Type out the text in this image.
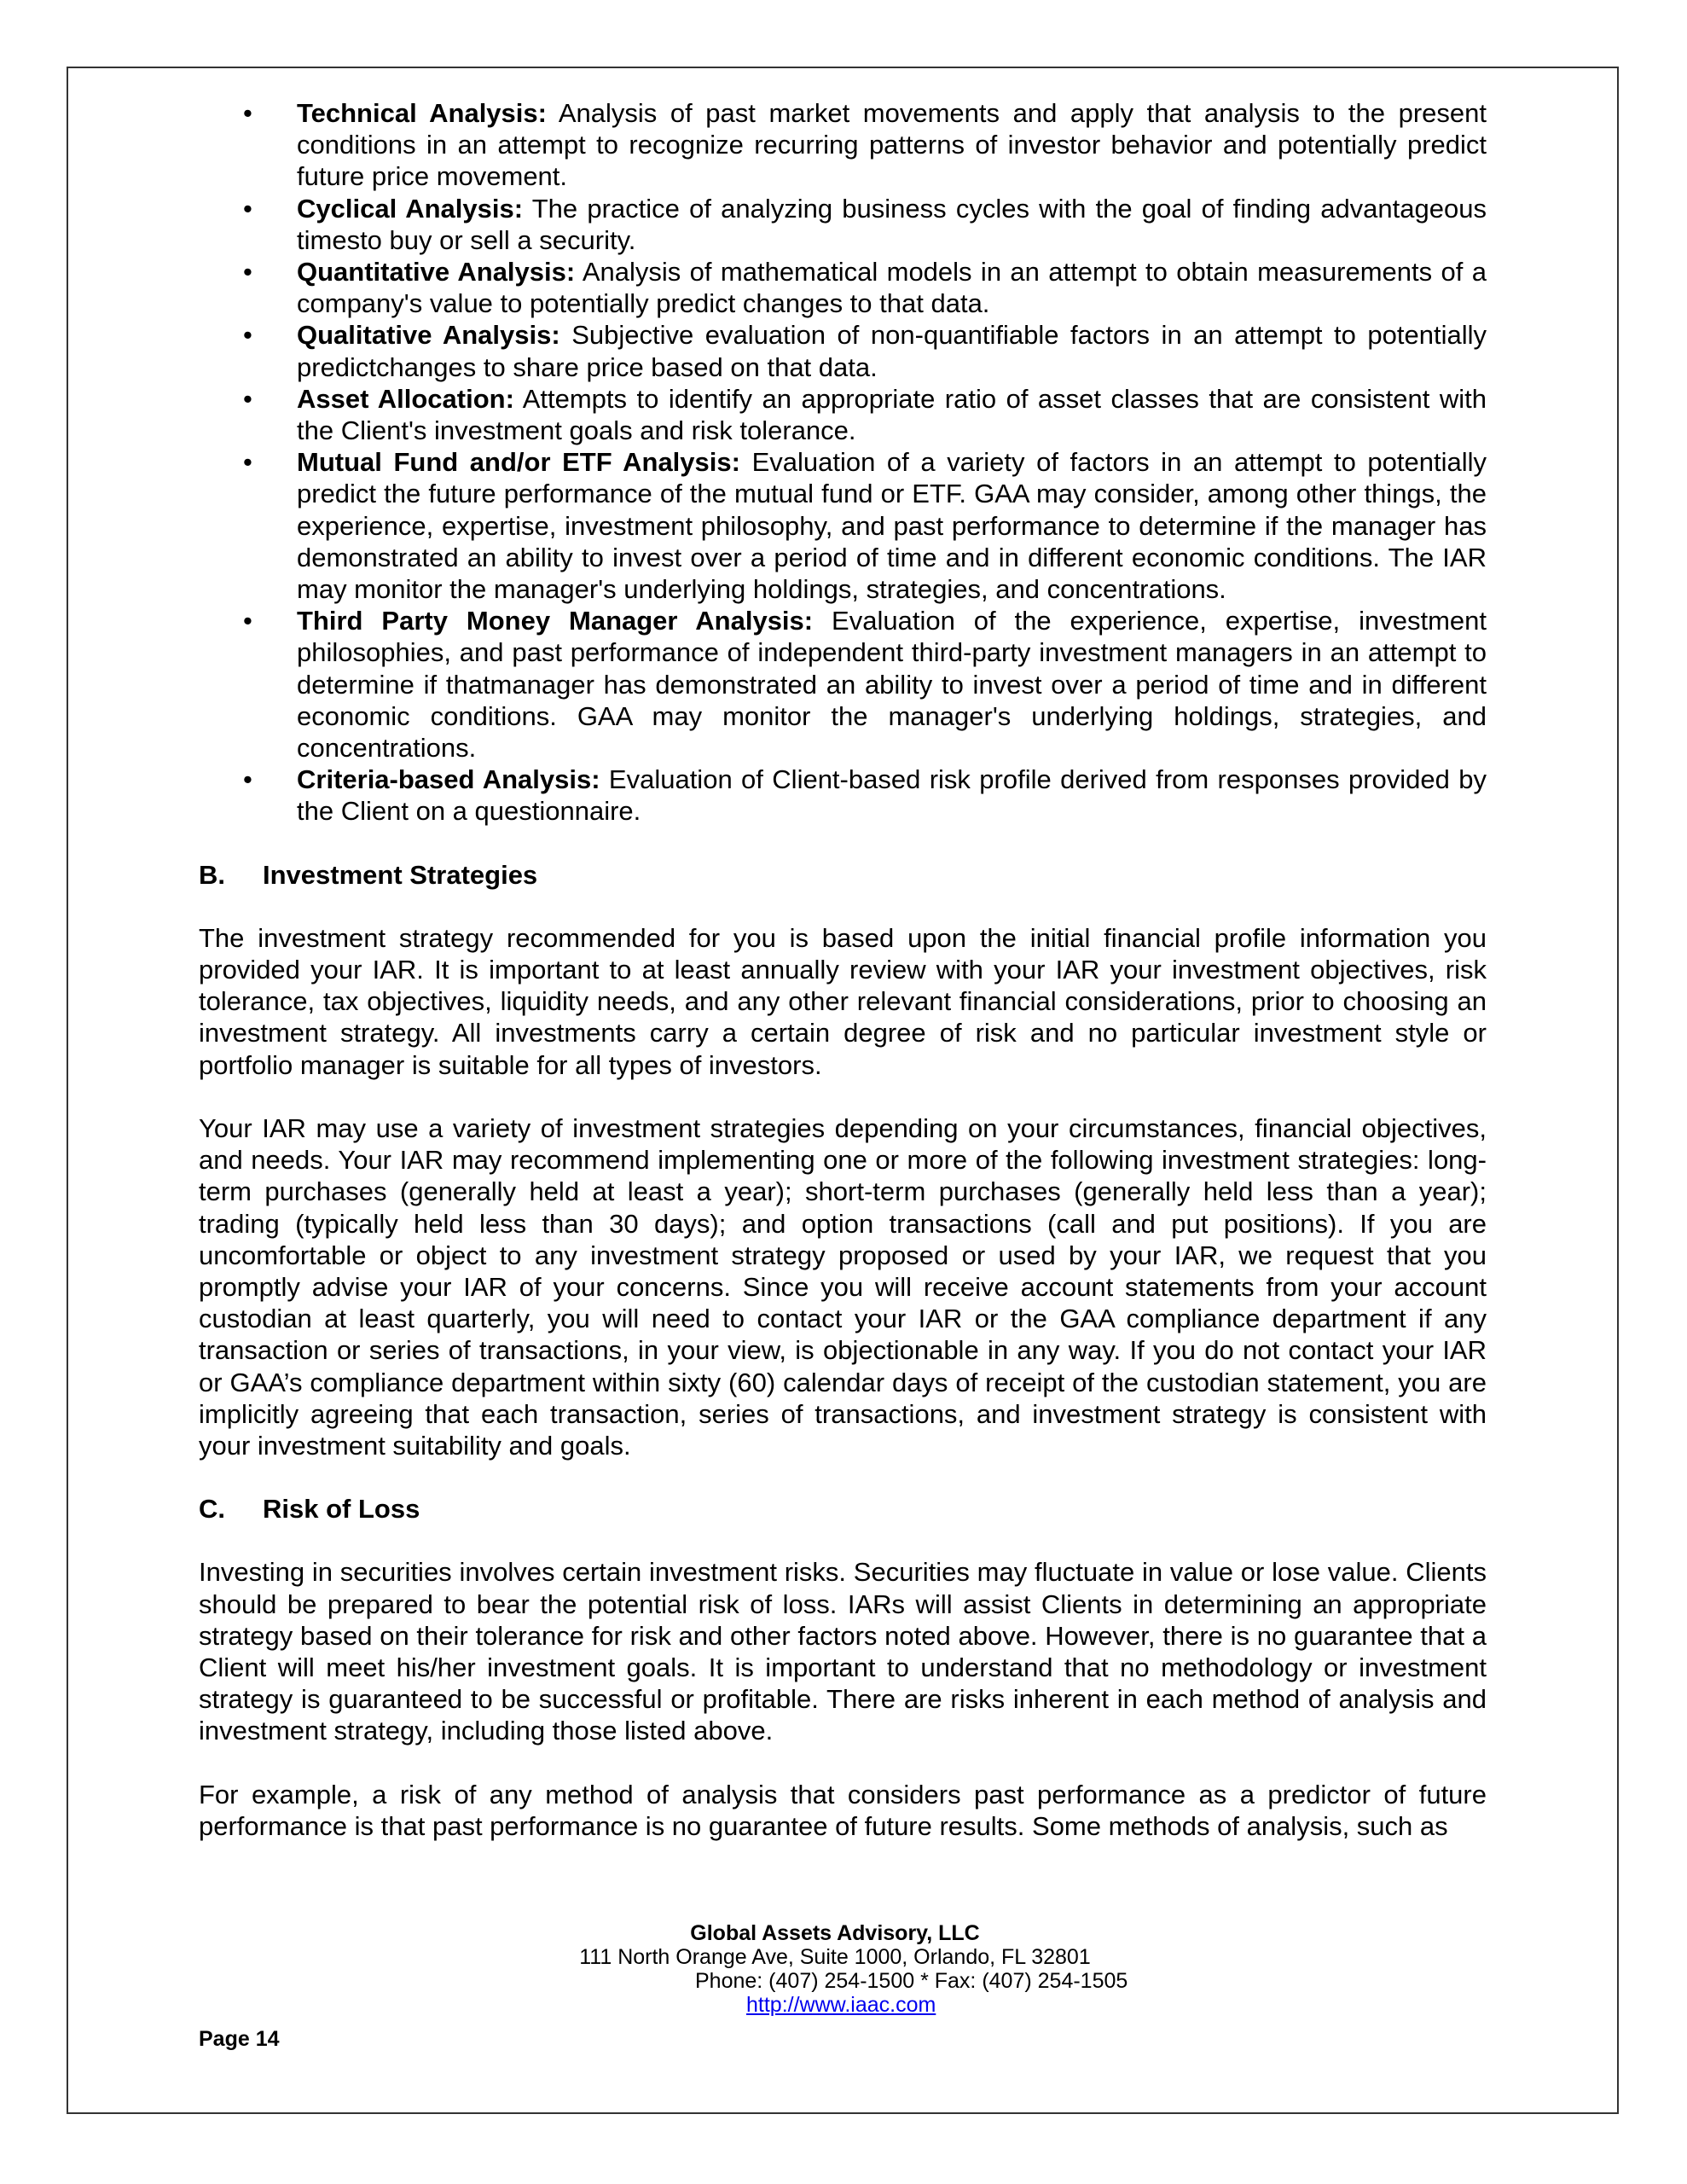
• Technical Analysis: Analysis of past market movements and apply that analysis to the present conditions in an attempt to recognize recurring patterns of investor behavior and potentially predict future price movement.
• Cyclical Analysis: The practice of analyzing business cycles with the goal of finding advantageous timesto buy or sell a security.
• Quantitative Analysis: Analysis of mathematical models in an attempt to obtain measurements of a company's value to potentially predict changes to that data.
• Qualitative Analysis: Subjective evaluation of non-quantifiable factors in an attempt to potentially predictchanges to share price based on that data.
• Asset Allocation: Attempts to identify an appropriate ratio of asset classes that are consistent with the Client's investment goals and risk tolerance.
• Mutual Fund and/or ETF Analysis: Evaluation of a variety of factors in an attempt to potentially predict the future performance of the mutual fund or ETF. GAA may consider, among other things, the experience, expertise, investment philosophy, and past performance to determine if the manager has demonstrated an ability to invest over a period of time and in different economic conditions. The IAR may monitor the manager's underlying holdings, strategies, and concentrations.
• Third Party Money Manager Analysis: Evaluation of the experience, expertise, investment philosophies, and past performance of independent third-party investment managers in an attempt to determine if thatmanager has demonstrated an ability to invest over a period of time and in different economic conditions. GAA may monitor the manager's underlying holdings, strategies, and concentrations.
• Criteria-based Analysis: Evaluation of Client-based risk profile derived from responses provided by the Client on a questionnaire.
B.	Investment Strategies

The investment strategy recommended for you is based upon the initial financial profile information you provided your IAR. It is important to at least annually review with your IAR your investment objectives, risk tolerance, tax objectives, liquidity needs, and any other relevant financial considerations, prior to choosing an investment strategy. All investments carry a certain degree of risk and no particular investment style or portfolio manager is suitable for all types of investors.

Your IAR may use a variety of investment strategies depending on your circumstances, financial objectives, and needs. Your IAR may recommend implementing one or more of the following investment strategies: long-term purchases (generally held at least a year); short-term purchases (generally held less than a year); trading (typically held less than 30 days); and option transactions (call and put positions). If you are uncomfortable or object to any investment strategy proposed or used by your IAR, we request that you promptly advise your IAR of your concerns. Since you will receive account statements from your account custodian at least quarterly, you will need to contact your IAR or the GAA compliance department if any transaction or series of transactions, in your view, is objectionable in any way. If you do not contact your IAR or GAA’s compliance department within sixty (60) calendar days of receipt of the custodian statement, you are implicitly agreeing that each transaction, series of transactions, and investment strategy is consistent with your investment suitability and goals.

C.	Risk of Loss

Investing in securities involves certain investment risks. Securities may fluctuate in value or lose value. Clients should be prepared to bear the potential risk of loss. IARs will assist Clients in determining an appropriate strategy based on their tolerance for risk and other factors noted above. However, there is no guarantee that a Client will meet his/her investment goals. It is important to understand that no methodology or investment strategy is guaranteed to be successful or profitable. There are risks inherent in each method of analysis and investment strategy, including those listed above.

For example, a risk of any method of analysis that considers past performance as a predictor of future performance is that past performance is no guarantee of future results. Some methods of analysis, such as

Global Assets Advisory, LLC
111 North Orange Ave, Suite 1000, Orlando, FL 32801
Phone: (407) 254-1500 * Fax: (407) 254-1505
http://www.iaac.com
Page 14
